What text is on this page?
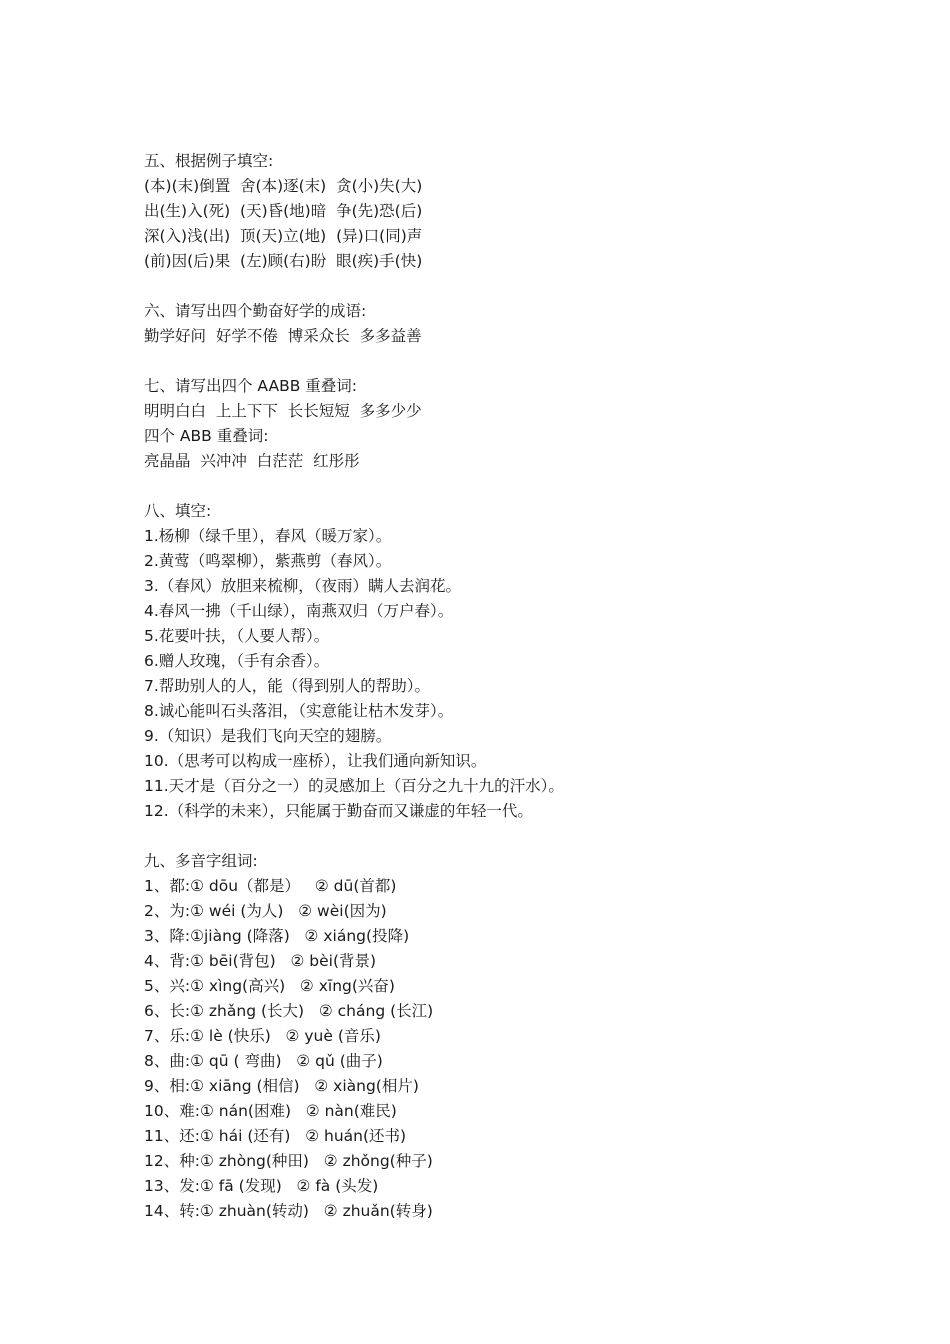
五、根据例子填空:
(本)(末)倒置  舍(本)逐(末)  贪(小)失(大)
出(生)入(死)  (天)昏(地)暗  争(先)恐(后)
深(入)浅(出)  顶(天)立(地)  (异)口(同)声
(前)因(后)果  (左)顾(右)盼  眼(疾)手(快)
六、请写出四个勤奋好学的成语:
勤学好问  好学不倦  博采众长  多多益善
七、请写出四个 AABB 重叠词:
明明白白  上上下下  长长短短  多多少少
四个 ABB 重叠词:
亮晶晶  兴冲冲  白茫茫  红彤彤
八、填空:
1.杨柳（绿千里），春风（暖万家）。
2.黄莺（鸣翠柳），紫燕剪（春风）。
3.（春风）放胆来梳柳，（夜雨）瞒人去润花。
4.春风一拂（千山绿），南燕双归（万户春）。
5.花要叶扶，（人要人帮）。
6.赠人玫瑰，（手有余香）。
7.帮助别人的人，能（得到别人的帮助）。
8.诚心能叫石头落泪，（实意能让枯木发芽）。
9.（知识）是我们飞向天空的翅膀。
10.（思考可以构成一座桥），让我们通向新知识。
11.天才是（百分之一）的灵感加上（百分之九十九的汗水）。
12.（科学的未来），只能属于勤奋而又谦虚的年轻一代。
九、多音字组词:
1、都:① dōu（都是）   ② dū(首都)
2、为:① wéi (为人)   ② wèi(因为)
3、降:①jiàng (降落)   ② xiáng(投降)
4、背:① bēi(背包)   ② bèi(背景)
5、兴:① xìng(高兴)   ② xīng(兴奋)
6、长:① zhǎng (长大)   ② cháng (长江)
7、乐:① lè (快乐)   ② yuè (音乐)
8、曲:① qū ( 弯曲)   ② qǔ (曲子)
9、相:① xiāng (相信)   ② xiàng(相片)
10、难:① nán(困难)   ② nàn(难民)
11、还:① hái (还有)   ② huán(还书)
12、种:① zhòng(种田)   ② zhǒng(种子)
13、发:① fā (发现)   ② fà (头发)
14、转:① zhuàn(转动)   ② zhuǎn(转身)
